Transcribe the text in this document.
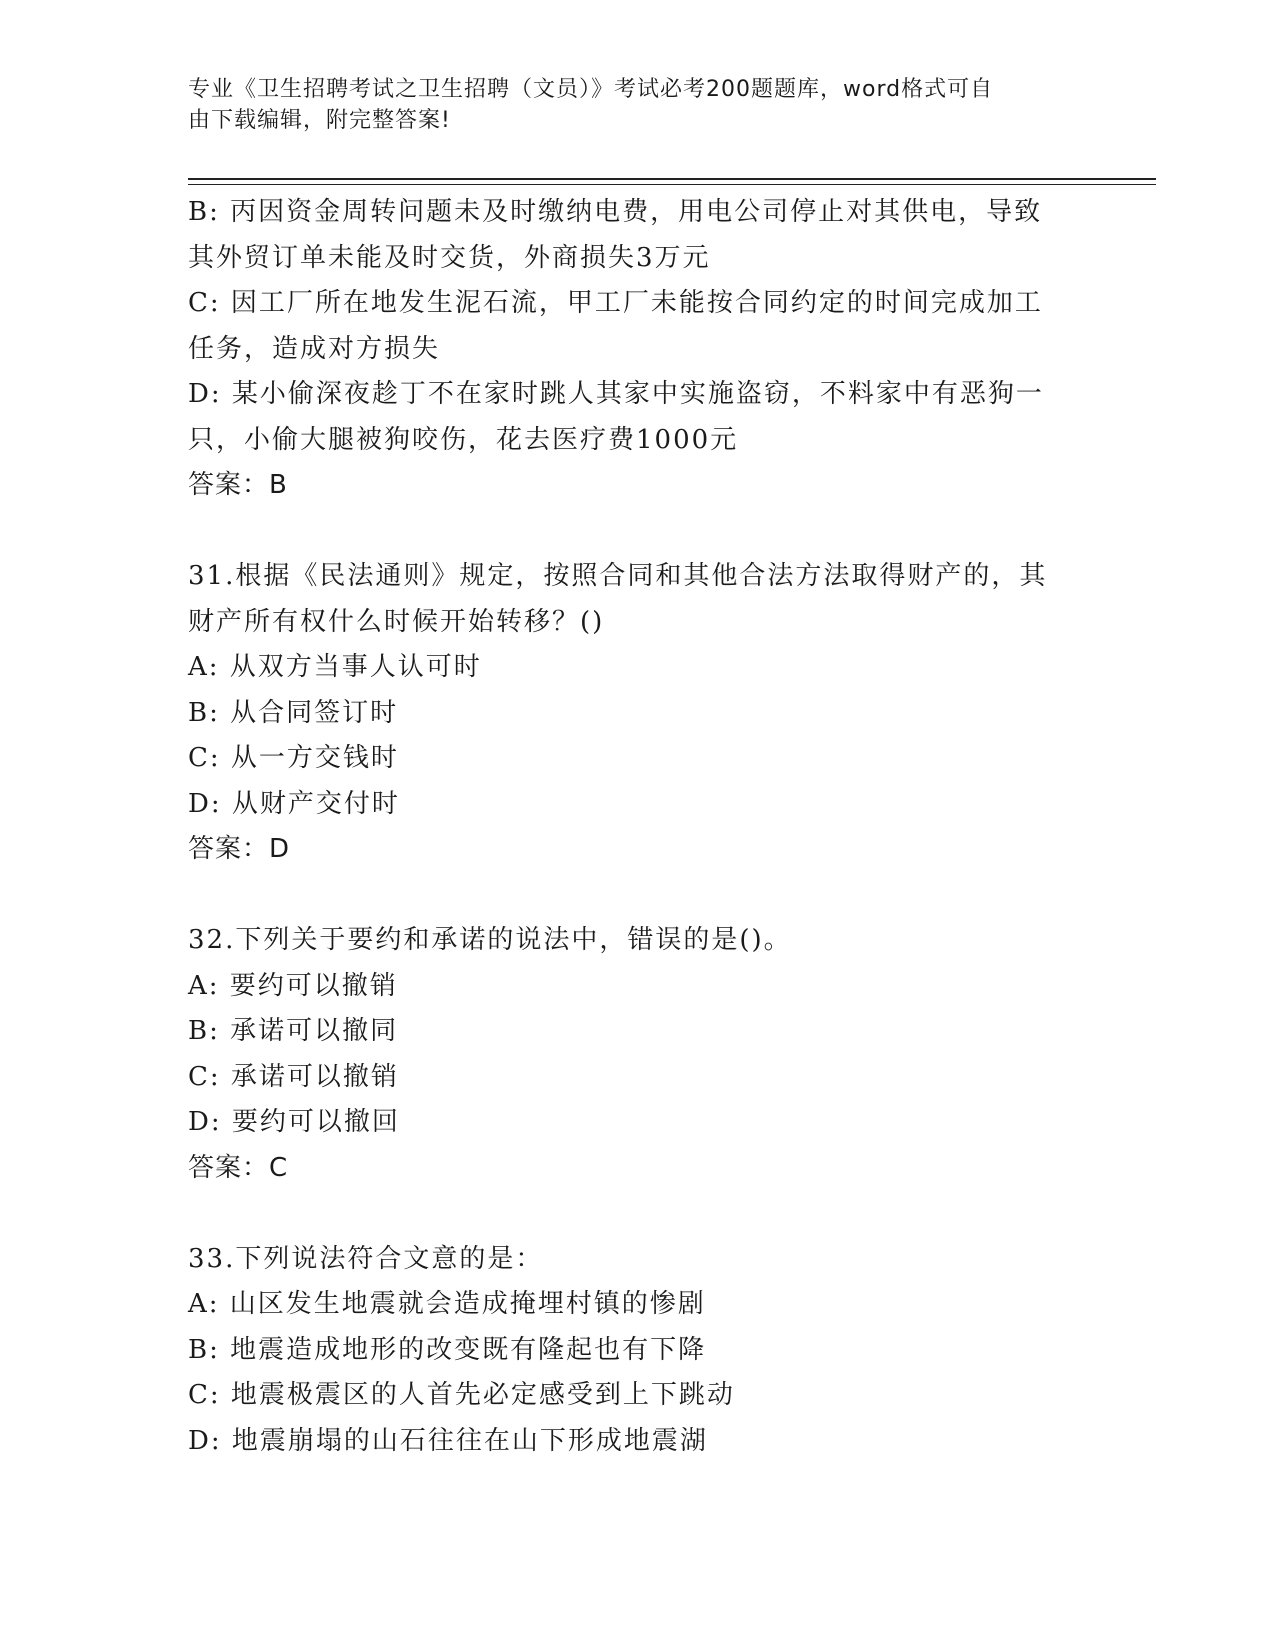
专业《卫生招聘考试之卫生招聘（文员）》考试必考200题题库，word格式可自
由下载编辑，附完整答案!

B: 丙因资金周转问题未及时缴纳电费，用电公司停止对其供电，导致

其外贸订单未能及时交货，外商损失3万元

C: 因工厂所在地发生泥石流，甲工厂未能按合同约定的时间完成加工

任务，造成对方损失

D: 某小偷深夜趁丁不在家时跳人其家中实施盗窃，不料家中有恶狗一

只，小偷大腿被狗咬伤，花去医疗费1000元

答案：B

31.根据《民法通则》规定，按照合同和其他合法方法取得财产的，其

财产所有权什么时候开始转移？()

A: 从双方当事人认可时

B: 从合同签订时

C: 从一方交钱时

D: 从财产交付时

答案：D

32.下列关于要约和承诺的说法中，错误的是()。

A: 要约可以撤销

B: 承诺可以撤同

C: 承诺可以撤销

D: 要约可以撤回

答案：C

33.下列说法符合文意的是：

A: 山区发生地震就会造成掩埋村镇的惨剧

B: 地震造成地形的改变既有隆起也有下降

C: 地震极震区的人首先必定感受到上下跳动

D: 地震崩塌的山石往往在山下形成地震湖
